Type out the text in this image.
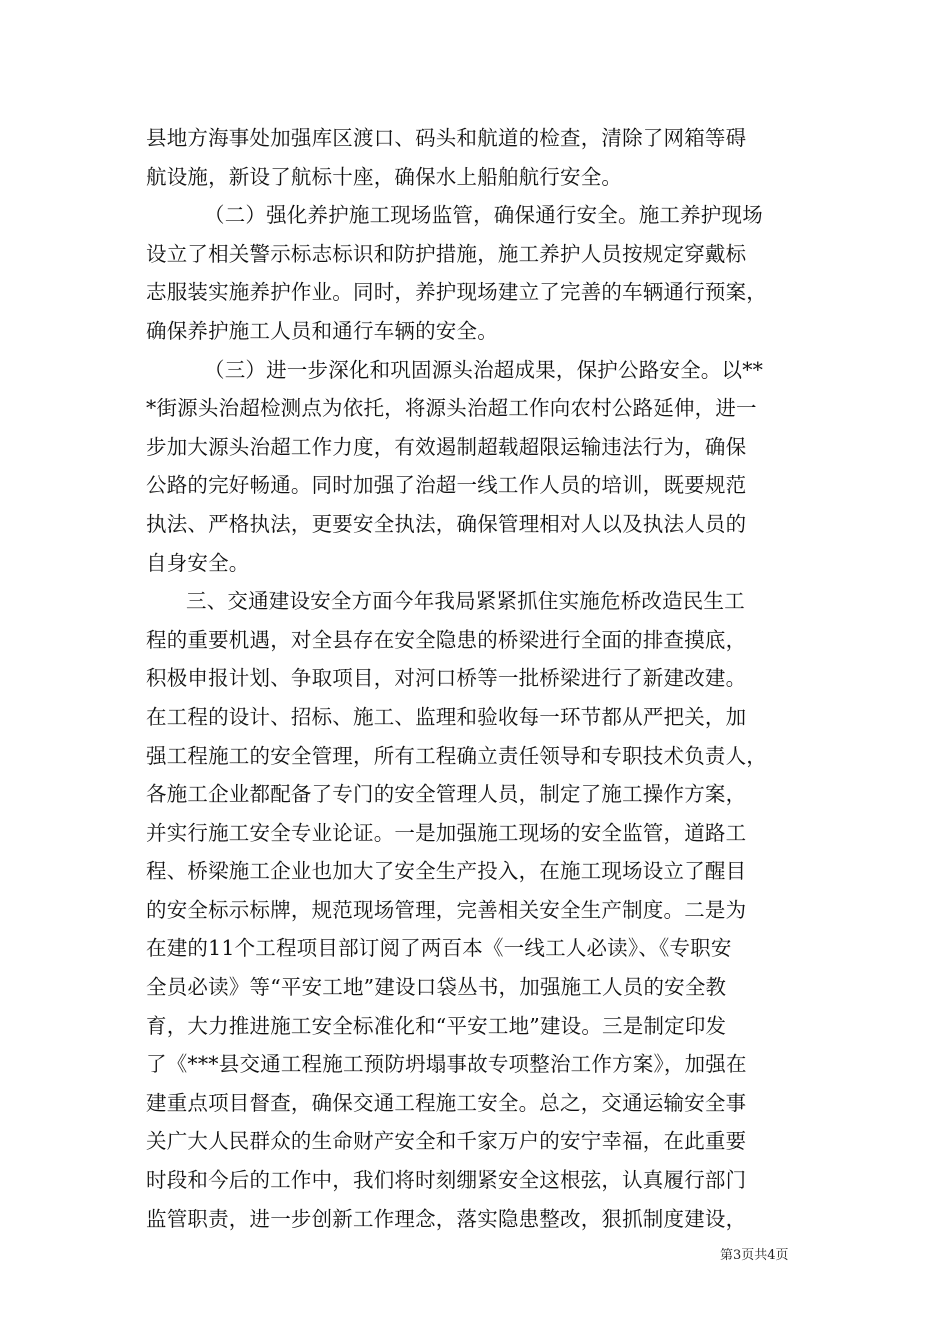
县地方海事处加强库区渡口、码头和航道的检查，清除了网箱等碍
航设施，新设了航标十座，确保水上船舶航行安全。
（二）强化养护施工现场监管，确保通行安全。施工养护现场
设立了相关警示标志标识和防护措施，施工养护人员按规定穿戴标
志服装实施养护作业。同时，养护现场建立了完善的车辆通行预案，
确保养护施工人员和通行车辆的安全。
（三）进一步深化和巩固源头治超成果，保护公路安全。以**
*街源头治超检测点为依托，将源头治超工作向农村公路延伸，进一
步加大源头治超工作力度，有效遏制超载超限运输违法行为，确保
公路的完好畅通。同时加强了治超一线工作人员的培训，既要规范
执法、严格执法，更要安全执法，确保管理相对人以及执法人员的
自身安全。
三、交通建设安全方面今年我局紧紧抓住实施危桥改造民生工
程的重要机遇，对全县存在安全隐患的桥梁进行全面的排查摸底，
积极申报计划、争取项目，对河口桥等一批桥梁进行了新建改建。
在工程的设计、招标、施工、监理和验收每一环节都从严把关，加
强工程施工的安全管理，所有工程确立责任领导和专职技术负责人，
各施工企业都配备了专门的安全管理人员，制定了施工操作方案，
并实行施工安全专业论证。一是加强施工现场的安全监管，道路工
程、桥梁施工企业也加大了安全生产投入，在施工现场设立了醒目
的安全标示标牌，规范现场管理，完善相关安全生产制度。二是为
在建的11个工程项目部订阅了两百本《一线工人必读》、《专职安
全员必读》等“平安工地”建设口袋丛书，加强施工人员的安全教
育，大力推进施工安全标准化和“平安工地”建设。三是制定印发
了《***县交通工程施工预防坍塌事故专项整治工作方案》，加强在
建重点项目督查，确保交通工程施工安全。总之，交通运输安全事
关广大人民群众的生命财产安全和千家万户的安宁幸福，在此重要
时段和今后的工作中，我们将时刻绷紧安全这根弦，认真履行部门
监管职责，进一步创新工作理念，落实隐患整改，狠抓制度建设，
第3页共4页
